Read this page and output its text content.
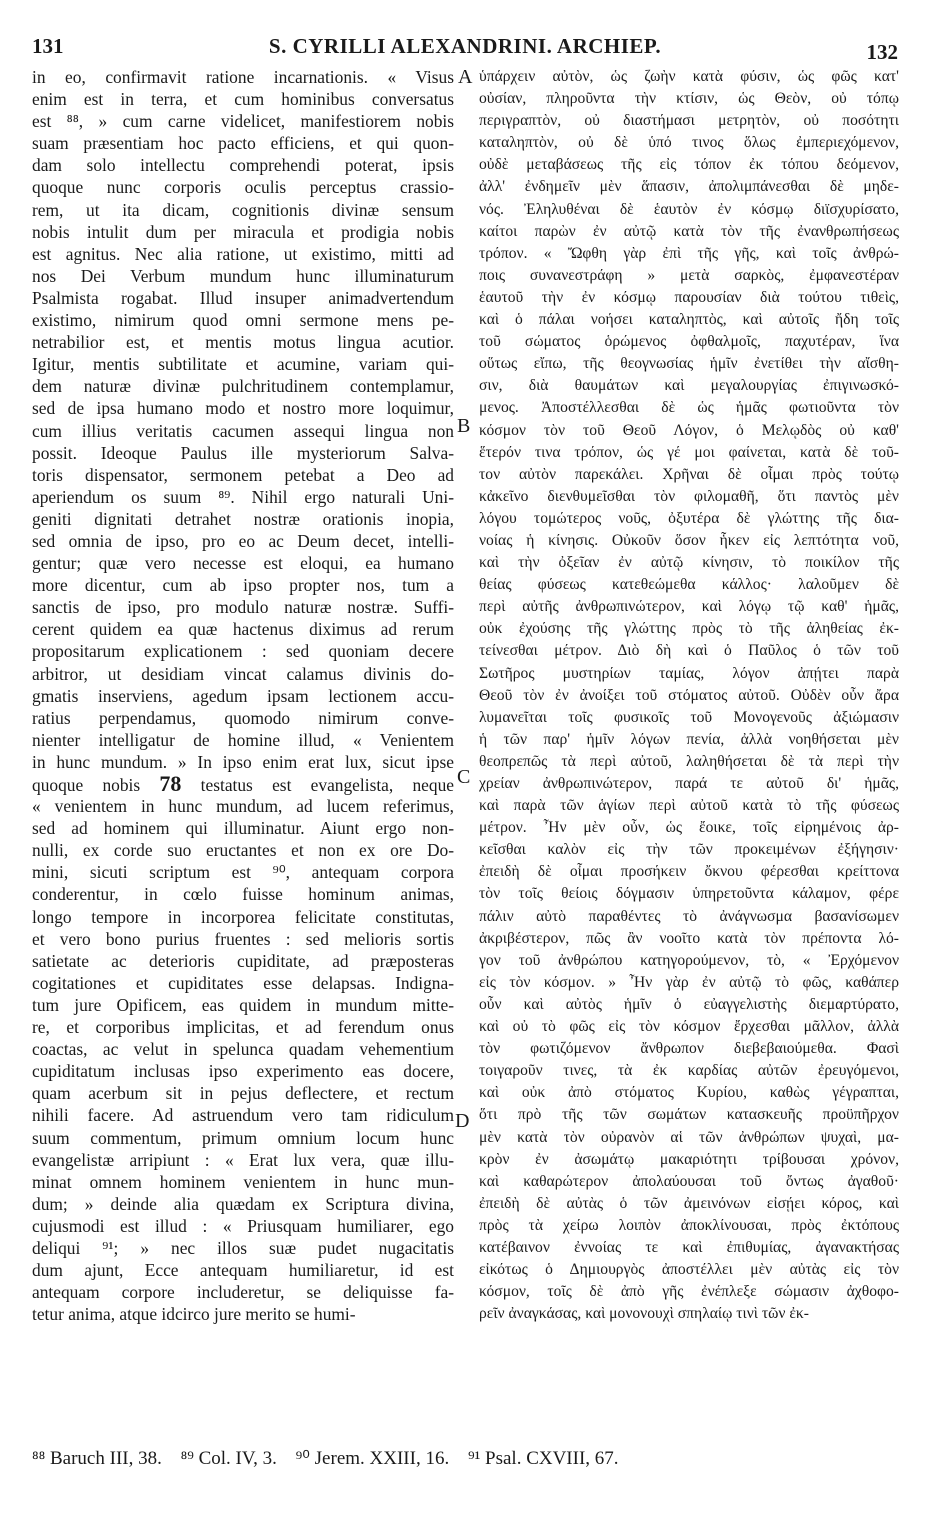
131	S. CYRILLI ALEXANDRINI. ARCHIEP.	132
in eo, confirmavit ratione incarnationis. « Visus
enim est in terra, et cum hominibus conversatus
est ⁸⁸, » cum carne videlicet, manifestiorem nobis
suam præsentiam hoc pacto efficiens, et qui quon-
dam solo intellectu comprehendi poterat, ipsis
quoque nunc corporis oculis perceptus crassio-
rem, ut ita dicam, cognitionis divinæ sensum
nobis intulit dum per miracula et prodigia nobis
est agnitus. Nec alia ratione, ut existimo, mitti ad
nos Dei Verbum mundum hunc illuminaturum
Psalmista rogabat. Illud insuper animadvertendum
existimo, nimirum quod omni sermone mens pe-
netrabilior est, et mentis motus lingua acutior.
Igitur, mentis subtilitate et acumine, variam qui-
dem naturæ divinæ pulchritudinem contemplamur,
sed de ipsa humano modo et nostro more loquimur,
cum illius veritatis cacumen assequi lingua non
possit. Ideoque Paulus ille mysteriorum Salva-
toris dispensator, sermonem petebat a Deo ad
aperiendum os suum ⁸⁹. Nihil ergo naturali Uni-
geniti dignitati detrahet nostræ orationis inopia,
sed omnia de ipso, pro eo ac Deum decet, intelli-
gentur; quæ vero necesse est eloqui, ea humano
more dicentur, cum ab ipso propter nos, tum a
sanctis de ipso, pro modulo naturæ nostræ. Suffi-
cerent quidem ea quæ hactenus diximus ad rerum
propositarum explicationem : sed quoniam decere
arbitror, ut desidiam vincat calamus divinis do-
gmatis inserviens, agedum ipsam lectionem accu-
ratius perpendamus, quomodo nimirum conve-
nienter intelligatur de homine illud, « Venientem
in hunc mundum. » In ipso enim erat lux, sicut ipse
quoque nobis 78 testatus est evangelista, neque
« venientem in hunc mundum, ad lucem referimus,
sed ad hominem qui illuminatur. Aiunt ergo non-
nulli, ex corde suo eructantes et non ex ore Do-
mini, sicuti scriptum est ⁹⁰, antequam corpora
conderentur, in cœlo fuisse hominum animas,
longo tempore in incorporea felicitate constitutas,
et vero bono purius fruentes : sed melioris sortis
satietate ac deterioris cupiditate, ad præposteras
cogitationes et cupiditates esse delapsas. Indigna-
tum jure Opificem, eas quidem in mundum mitte-
re, et corporibus implicitas, et ad ferendum onus
coactas, ac velut in spelunca quadam vehementium
cupiditatum inclusas ipso experimento eas docere,
quam acerbum sit in pejus deflectere, et rectum
nihili facere. Ad astruendum vero tam ridiculum
suum commentum, primum omnium locum hunc
evangelistæ arripiunt : « Erat lux vera, quæ illu-
minat omnem hominem venientem in hunc mun-
dum; » deinde alia quædam ex Scriptura divina,
cujusmodi est illud : « Priusquam humiliarer, ego
deliqui ⁹¹; » nec illos suæ pudet nugacitatis
dum ajunt, Ecce antequam humiliaretur, id est
antequam corpore includeretur, se deliquisse fa-
tetur anima, atque idcirco jure merito se humi-
A
B
C
D
ὑπάρχειν αὐτὸν, ὡς ζωὴν κατὰ φύσιν, ὡς φῶς κατ'
οὐσίαν, πληροῦντα τὴν κτίσιν, ὡς Θεὸν, οὐ τόπῳ
περιγραπτὸν, οὐ διαστήμασι μετρητὸν, οὐ ποσότητι
καταληπτὸν, οὐ δὲ ὑπό τινος ὅλως ἐμπεριεχόμενον,
οὐδὲ μεταβάσεως τῆς εἰς τόπον ἐκ τόπου δεόμενον,
ἀλλ' ἐνδημεῖν μὲν ἅπασιν, ἀπολιμπάνεσθαι δὲ μηδε-
νός. Ἐληλυθέναι δὲ ἑαυτὸν ἐν κόσμῳ διϊσχυρίσατο,
καίτοι παρὼν ἐν αὐτῷ κατὰ τὸν τῆς ἐνανθρωπήσεως
τρόπον. « Ὤφθη γὰρ ἐπὶ τῆς γῆς, καὶ τοῖς ἀνθρώ-
ποις συνανεστράφη » μετὰ σαρκὸς, ἐμφανεστέραν
ἑαυτοῦ τὴν ἐν κόσμῳ παρουσίαν διὰ τούτου τιθεὶς,
καὶ ὁ πάλαι νοήσει καταληπτὸς, καὶ αὐτοῖς ἤδη τοῖς
τοῦ σώματος ὁρώμενος ὀφθαλμοῖς, παχυτέραν, ἵνα
οὕτως εἴπω, τῆς θεογνωσίας ἡμῖν ἐνετίθει τὴν αἴσθη-
σιν, διὰ θαυμάτων καὶ μεγαλουργίας ἐπιγινωσκό-
μενος. Ἀποστέλλεσθαι δὲ ὡς ἡμᾶς φωτιοῦντα τὸν
κόσμον τὸν τοῦ Θεοῦ Λόγον, ὁ Μελῳδὸς οὐ καθ'
ἕτερόν τινα τρόπον, ὡς γέ μοι φαίνεται, κατὰ δὲ τοῦ-
τον αὐτὸν παρεκάλει. Χρῆναι δὲ οἶμαι πρὸς τούτῳ
κἀκεῖνο διενθυμεῖσθαι τὸν φιλομαθῆ, ὅτι παντὸς μὲν
λόγου τομώτερος νοῦς, ὀξυτέρα δὲ γλώττης τῆς δια-
νοίας ἡ κίνησις. Οὐκοῦν ὅσον ἧκεν εἰς λεπτότητα νοῦ,
καὶ τὴν ὀξεῖαν ἐν αὐτῷ κίνησιν, τὸ ποικίλον τῆς
θείας φύσεως κατεθεώμεθα κάλλος· λαλοῦμεν δὲ
περὶ αὐτῆς ἀνθρωπινώτερον, καὶ λόγῳ τῷ καθ' ἡμᾶς,
οὐκ ἐχούσης τῆς γλώττης πρὸς τὸ τῆς ἀληθείας ἐκ-
τείνεσθαι μέτρον. Διὸ δὴ καὶ ὁ Παῦλος ὁ τῶν τοῦ
Σωτῆρος μυστηρίων ταμίας, λόγον ἀπῄτει παρὰ
Θεοῦ τὸν ἐν ἀνοίξει τοῦ στόματος αὐτοῦ. Οὐδὲν οὖν ἄρα
λυμανεῖται τοῖς φυσικοῖς τοῦ Μονογενοῦς ἀξιώμασιν
ἡ τῶν παρ' ἡμῖν λόγων πενία, ἀλλὰ νοηθήσεται μὲν
θεοπρεπῶς τὰ περὶ αὐτοῦ, λαληθήσεται δὲ τὰ περὶ τὴν
χρείαν ἀνθρωπινώτερον, παρά τε αὐτοῦ δι' ἡμᾶς,
καὶ παρὰ τῶν ἁγίων περὶ αὐτοῦ κατὰ τὸ τῆς φύσεως
μέτρον. Ἦν μὲν οὖν, ὡς ἔοικε, τοῖς εἰρημένοις ἀρ-
κεῖσθαι καλὸν εἰς τὴν τῶν προκειμένων ἐξήγησιν·
ἐπειδὴ δὲ οἶμαι προσήκειν ὄκνου φέρεσθαι κρείττονα
τὸν τοῖς θείοις δόγμασιν ὑπηρετοῦντα κάλαμον, φέρε
πάλιν αὐτὸ παραθέντες τὸ ἀνάγνωσμα βασανίσωμεν
ἀκριβέστερον, πῶς ἂν νοοῖτο κατὰ τὸν πρέποντα λό-
γον τοῦ ἀνθρώπου κατηγορούμενον, τὸ, « Ἐρχόμενον
εἰς τὸν κόσμον. » Ἦν γὰρ ἐν αὐτῷ τὸ φῶς, καθάπερ
οὖν καὶ αὐτὸς ἡμῖν ὁ εὐαγγελιστὴς διεμαρτύρατο,
καὶ οὐ τὸ φῶς εἰς τὸν κόσμον ἔρχεσθαι μᾶλλον, ἀλλὰ
τὸν φωτιζόμενον ἄνθρωπον διεβεβαιούμεθα. Φασὶ
τοιγαροῦν τινες, τὰ ἐκ καρδίας αὐτῶν ἐρευγόμενοι,
καὶ οὐκ ἀπὸ στόματος Κυρίου, καθὼς γέγραπται,
ὅτι πρὸ τῆς τῶν σωμάτων κατασκευῆς προϋπῆρχον
μὲν κατὰ τὸν οὐρανὸν αἱ τῶν ἀνθρώπων ψυχαὶ, μα-
κρὸν ἐν ἀσωμάτῳ μακαριότητι τρίβουσαι χρόνον,
καὶ καθαρώτερον ἀπολαύουσαι τοῦ ὄντως ἀγαθοῦ·
ἐπειδὴ δὲ αὐτὰς ὁ τῶν ἀμεινόνων εἰσῄει κόρος, καὶ
πρὸς τὰ χείρω λοιπὸν ἀποκλίνουσαι, πρὸς ἐκτόπους
κατέβαινον ἐννοίας τε καὶ ἐπιθυμίας, ἀγανακτήσας
εἰκότως ὁ Δημιουργὸς ἀποστέλλει μὲν αὐτὰς εἰς τὸν
κόσμον, τοῖς δὲ ἀπὸ γῆς ἐνέπλεξε σώμασιν ἀχθοφο-
ρεῖν ἀναγκάσας, καὶ μονονουχὶ σπηλαίῳ τινὶ τῶν ἐκ-
⁸⁸ Baruch III, 38. ⁸⁹ Col. IV, 3. ⁹⁰ Jerem. XXIII, 16. ⁹¹ Psal. CXVIII, 67.
